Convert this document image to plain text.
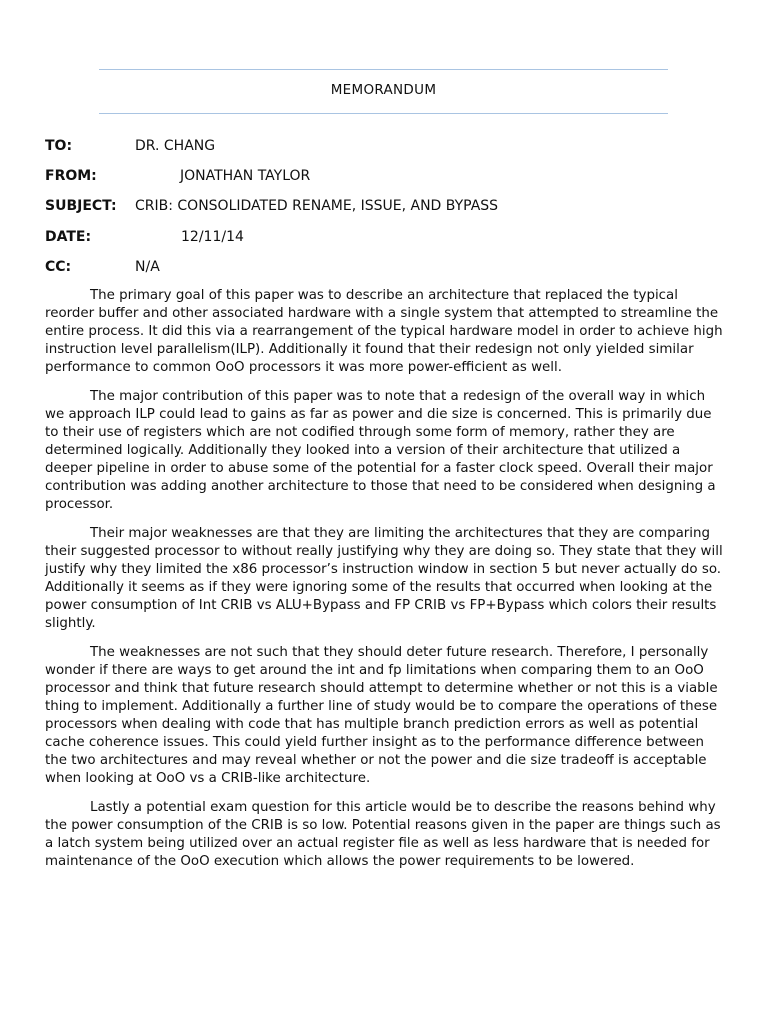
MEMORANDUM
TO:	DR. CHANG
FROM:	JONATHAN TAYLOR
SUBJECT: CRIB: CONSOLIDATED RENAME, ISSUE, AND BYPASS
DATE:	12/11/14
CC:	N/A

The primary goal of this paper was to describe an architecture that replaced the typical reorder buffer and other associated hardware with a single system that attempted to streamline the entire process. It did this via a rearrangement of the typical hardware model in order to achieve high instruction level parallelism(ILP). Additionally it found that their redesign not only yielded similar performance to common OoO processors it was more power-efficient as well.

The major contribution of this paper was to note that a redesign of the overall way in which we approach ILP could lead to gains as far as power and die size is concerned. This is primarily due to their use of registers which are not codified through some form of memory, rather they are determined logically. Additionally they looked into a version of their architecture that utilized a deeper pipeline in order to abuse some of the potential for a faster clock speed. Overall their major contribution was adding another architecture to those that need to be considered when designing a processor.

Their major weaknesses are that they are limiting the architectures that they are comparing their suggested processor to without really justifying why they are doing so. They state that they will justify why they limited the x86 processor’s instruction window in section 5 but never actually do so. Additionally it seems as if they were ignoring some of the results that occurred when looking at the power consumption of Int CRIB vs ALU+Bypass and FP CRIB vs FP+Bypass which colors their results slightly.

The weaknesses are not such that they should deter future research. Therefore, I personally wonder if there are ways to get around the int and fp limitations when comparing them to an OoO processor and think that future research should attempt to determine whether or not this is a viable thing to implement. Additionally a further line of study would be to compare the operations of these processors when dealing with code that has multiple branch prediction errors as well as potential cache coherence issues. This could yield further insight as to the performance difference between the two architectures and may reveal whether or not the power and die size tradeoff is acceptable when looking at OoO vs a CRIB-like architecture.

Lastly a potential exam question for this article would be to describe the reasons behind why the power consumption of the CRIB is so low. Potential reasons given in the paper are things such as a latch system being utilized over an actual register file as well as less hardware that is needed for maintenance of the OoO execution which allows the power requirements to be lowered.
